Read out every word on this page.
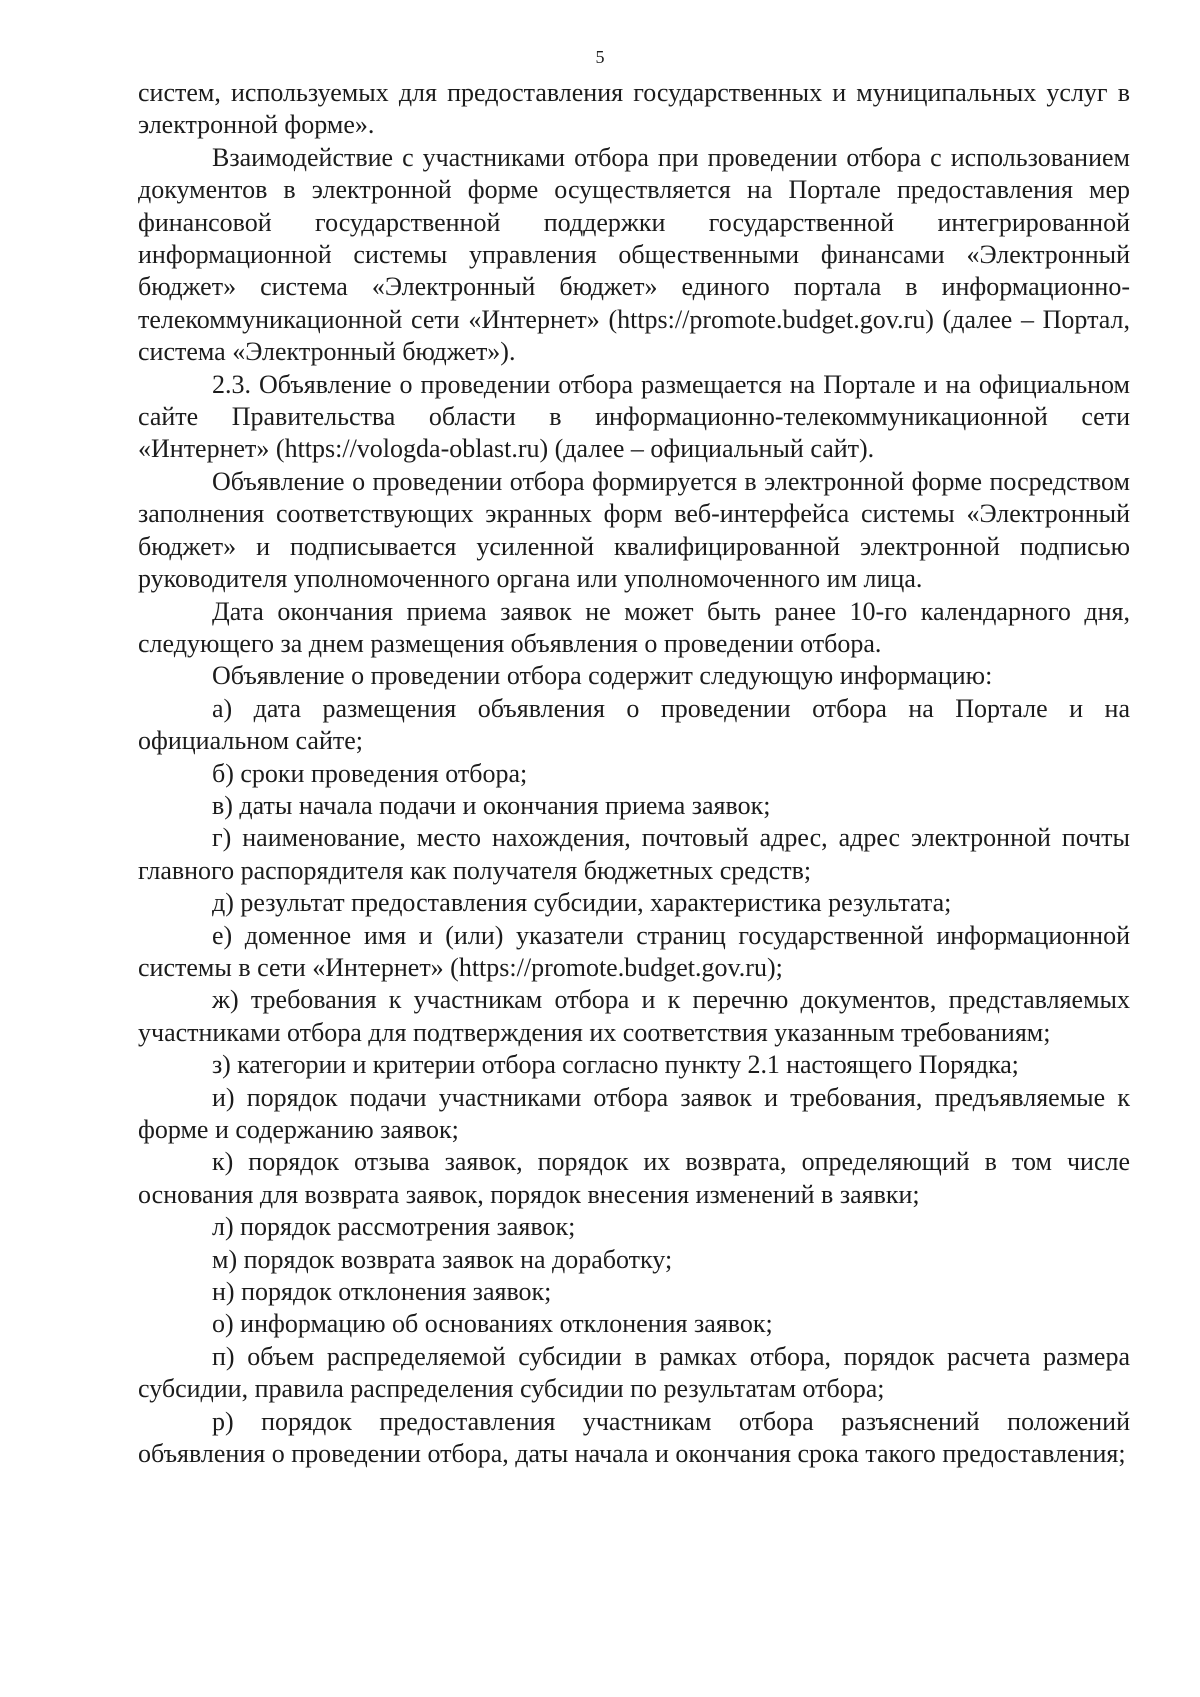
5

систем, используемых для предоставления государственных и муниципальных услуг в электронной форме».

Взаимодействие с участниками отбора при проведении отбора с использованием документов в электронной форме осуществляется на Портале предоставления мер финансовой государственной поддержки государственной интегрированной информационной системы управления общественными финансами «Электронный бюджет» система «Электронный бюджет» единого портала в информационно-телекоммуникационной сети «Интернет» (https://promote.budget.gov.ru) (далее – Портал, система «Электронный бюджет»).

2.3. Объявление о проведении отбора размещается на Портале и на официальном сайте Правительства области в информационно-телекоммуникационной сети «Интернет» (https://vologda-oblast.ru) (далее – официальный сайт).

Объявление о проведении отбора формируется в электронной форме посредством заполнения соответствующих экранных форм веб-интерфейса системы «Электронный бюджет» и подписывается усиленной квалифицированной электронной подписью руководителя уполномоченного органа или уполномоченного им лица.

Дата окончания приема заявок не может быть ранее 10-го календарного дня, следующего за днем размещения объявления о проведении отбора.

Объявление о проведении отбора содержит следующую информацию:

а) дата размещения объявления о проведении отбора на Портале и на официальном сайте;

б) сроки проведения отбора;

в) даты начала подачи и окончания приема заявок;

г) наименование, место нахождения, почтовый адрес, адрес электронной почты главного распорядителя как получателя бюджетных средств;

д) результат предоставления субсидии, характеристика результата;

е) доменное имя и (или) указатели страниц государственной информационной системы в сети «Интернет» (https://promote.budget.gov.ru);

ж) требования к участникам отбора и к перечню документов, представляемых участниками отбора для подтверждения их соответствия указанным требованиям;

з) категории и критерии отбора согласно пункту 2.1 настоящего Порядка;

и) порядок подачи участниками отбора заявок и требования, предъявляемые к форме и содержанию заявок;

к) порядок отзыва заявок, порядок их возврата, определяющий в том числе основания для возврата заявок, порядок внесения изменений в заявки;

л) порядок рассмотрения заявок;

м) порядок возврата заявок на доработку;

н) порядок отклонения заявок;

о) информацию об основаниях отклонения заявок;

п) объем распределяемой субсидии в рамках отбора, порядок расчета размера субсидии, правила распределения субсидии по результатам отбора;

р) порядок предоставления участникам отбора разъяснений положений объявления о проведении отбора, даты начала и окончания срока такого предоставления;
